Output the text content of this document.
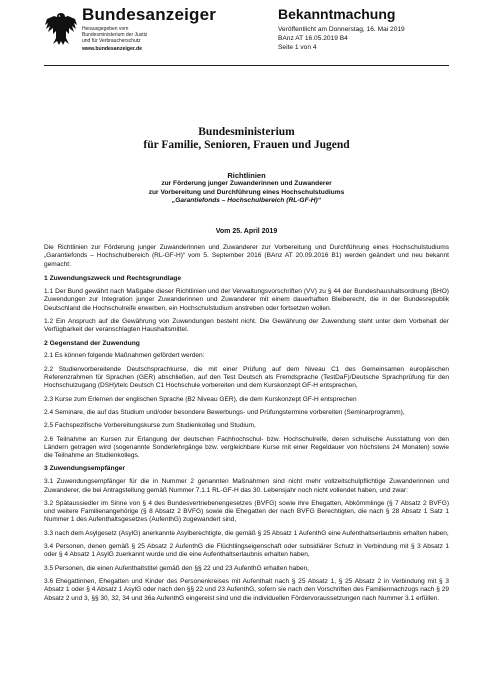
Bundesanzeiger
Herausgegeben vom
Bundesministerium der Justiz
und für Verbraucherschutz
www.bundesanzeiger.de
Bekanntmachung
Veröffentlicht am Donnerstag, 16. Mai 2019
BAnz AT 16.05.2019 B4
Seite 1 von 4
Bundesministerium
für Familie, Senioren, Frauen und Jugend
Richtlinien
zur Förderung junger Zuwanderinnen und Zuwanderer
zur Vorbereitung und Durchführung eines Hochschulstudiums
„Garantiefonds – Hochschulbereich (RL-GF-H)“
Vom 25. April 2019

Die Richtlinien zur Förderung junger Zuwanderinnen und Zuwanderer zur Vorbereitung und Durchführung eines Hochschulstudiums „Garantiefonds – Hochschulbereich (RL-GF-H)“ vom 5. September 2016 (BAnz AT 20.09.2016 B1) werden geändert und neu bekannt gemacht:

1 Zuwendungszweck und Rechtsgrundlage

1.1 Der Bund gewährt nach Maßgabe dieser Richtlinien und der Verwaltungsvorschriften (VV) zu § 44 der Bundeshaushaltsordnung (BHO) Zuwendungen zur Integration junger Zuwanderinnen und Zuwanderer mit einem dauerhaften Bleiberecht, die in der Bundesrepublik Deutschland die Hochschulreife erwerben, ein Hochschulstudium anstreben oder fortsetzen wollen.

1.2 Ein Anspruch auf die Gewährung von Zuwendungen besteht nicht. Die Gewährung der Zuwendung steht unter dem Vorbehalt der Verfügbarkeit der veranschlagten Haushaltsmittel.

2 Gegenstand der Zuwendung

2.1 Es können folgende Maßnahmen gefördert werden:

2.2 Studienvorbereitende Deutschsprachkurse, die mit einer Prüfung auf dem Niveau C1 des Gemeinsamen europäischen Referenzrahmen für Sprachen (GER) abschließen, auf den Test Deutsch als Fremdsprache (TestDaF)/Deutsche Sprachprüfung für den Hochschulzugang (DSH)/telc Deutsch C1 Hochschule vorbereiten und dem Kurskonzept GF-H entsprechen,

2.3 Kurse zum Erlernen der englischen Sprache (B2 Niveau GER), die dem Kurskonzept GF-H entsprechen

2.4 Seminare, die auf das Studium und/oder besondere Bewerbungs- und Prüfungstermine vorbereiten (Seminarprogramm),

2.5 Fachspezifische Vorbereitungskurse zum Studienkolleg und Studium,

2.6 Teilnahme an Kursen zur Erlangung der deutschen Fachhochschul- bzw. Hochschulreife, deren schulische Ausstattung von den Ländern getragen wird (sogenannte Sonderlehrgänge bzw. vergleichbare Kurse mit einer Regeldauer von höchstens 24 Monaten) sowie die Teilnahme an Studienkollegs.

3 Zuwendungsempfänger

3.1 Zuwendungsempfänger für die in Nummer 2 genannten Maßnahmen sind nicht mehr vollzeitschulpflichtige Zuwanderinnen und Zuwanderer, die bei Antragstellung gemäß Nummer 7.1.1 RL-GF-H das 30. Lebensjahr noch nicht vollendet haben, und zwar:

3.2 Spätaussiedler im Sinne von § 4 des Bundesvertriebenengesetzes (BVFG) sowie ihre Ehegatten, Abkömmlinge (§ 7 Absatz 2 BVFG) und weitere Familienangehörige (§ 8 Absatz 2 BVFG) sowie die Ehegatten der nach BVFG Berechtigten, die nach § 28 Absatz 1 Satz 1 Nummer 1 des Aufenthaltsgesetzes (AufenthG) zugewandert sind,

3.3 nach dem Asylgesetz (AsylG) anerkannte Asylberechtigte, die gemäß § 25 Absatz 1 AufenthG eine Aufenthaltserlaubnis erhalten haben,

3.4 Personen, denen gemäß § 25 Absatz 2 AufenthG die Flüchtlingseigenschaft oder subsidiärer Schutz in Verbindung mit § 3 Absatz 1 oder § 4 Absatz 1 AsylG zuerkannt wurde und die eine Aufenthaltserlaubnis erhalten haben,

3.5 Personen, die einen Aufenthaltstitel gemäß den §§ 22 und 23 AufenthG erhalten haben,

3.6 Ehegattinnen, Ehegatten und Kinder des Personenkreises mit Aufenthalt nach § 25 Absatz 1, § 25 Absatz 2 in Verbindung mit § 3 Absatz 1 oder § 4 Absatz 1 AsylG oder nach den §§ 22 und 23 AufenthG, sofern sie nach den Vorschriften des Familiennachzugs nach § 29 Absatz 2 und 3, §§ 30, 32, 34 und 36a AufenthG eingereist sind und die individuellen Fördervoraussetzungen nach Nummer 3.1 erfüllen.
